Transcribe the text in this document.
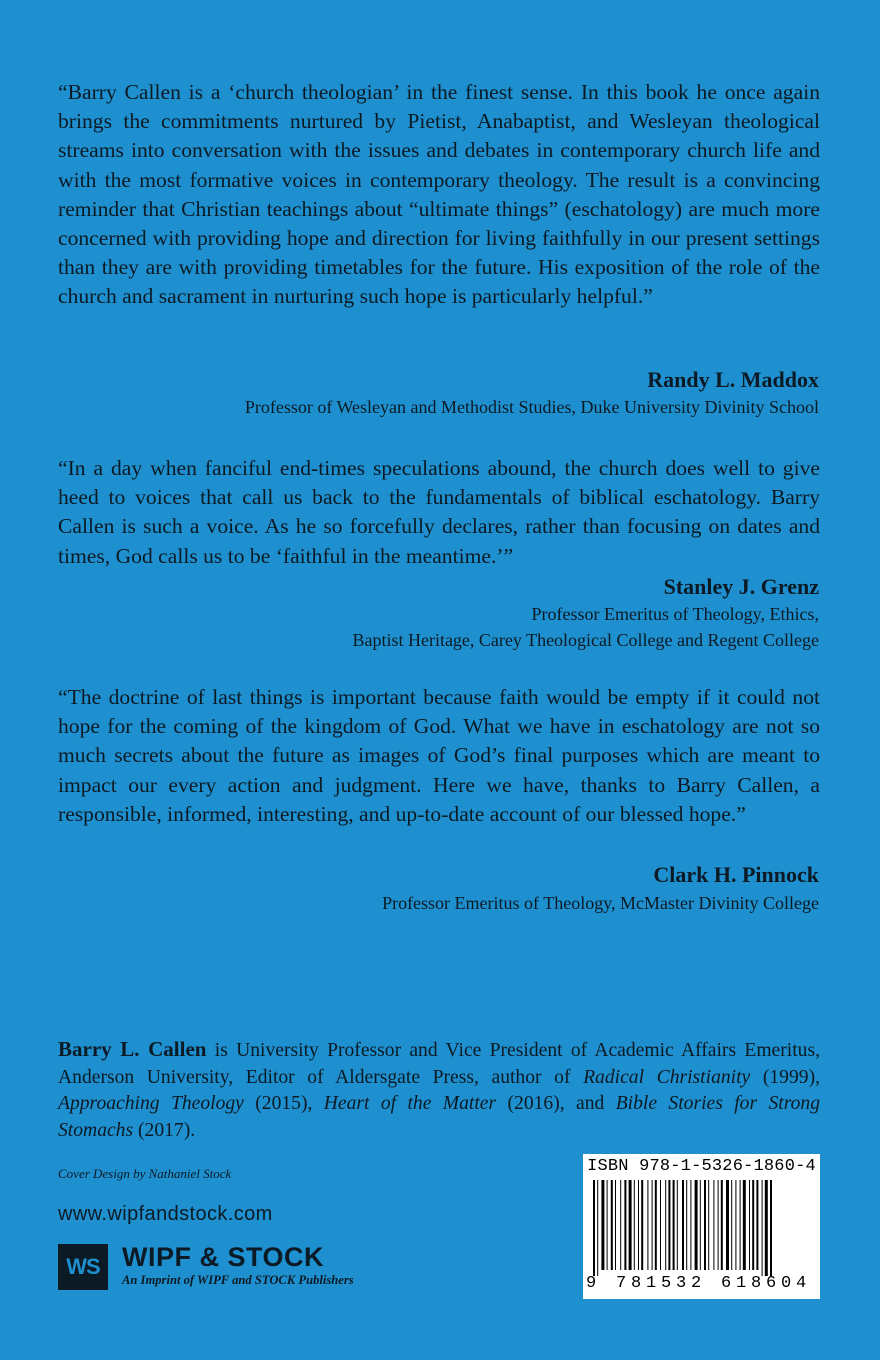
“Barry Callen is a ‘church theologian’ in the finest sense. In this book he once again brings the commitments nurtured by Pietist, Anabaptist, and Wesleyan theological streams into conversation with the issues and debates in contemporary church life and with the most formative voices in contemporary theology. The result is a convincing reminder that Christian teachings about “ultimate things” (eschatology) are much more concerned with providing hope and direction for living faithfully in our present settings than they are with providing timetables for the future. His exposition of the role of the church and sacrament in nurturing such hope is particularly helpful.”

Randy L. Maddox
Professor of Wesleyan and Methodist Studies, Duke University Divinity School

“In a day when fanciful end-times speculations abound, the church does well to give heed to voices that call us back to the fundamentals of biblical eschatology. Barry Callen is such a voice. As he so forcefully declares, rather than focusing on dates and times, God calls us to be ‘faithful in the meantime.’”

Stanley J. Grenz
Professor Emeritus of Theology, Ethics,
Baptist Heritage, Carey Theological College and Regent College

“The doctrine of last things is important because faith would be empty if it could not hope for the coming of the kingdom of God. What we have in eschatology are not so much secrets about the future as images of God’s final purposes which are meant to impact our every action and judgment. Here we have, thanks to Barry Callen, a responsible, informed, interesting, and up-to-date account of our blessed hope.”

Clark H. Pinnock
Professor Emeritus of Theology, McMaster Divinity College

Barry L. Callen is University Professor and Vice President of Academic Affairs Emeritus, Anderson University, Editor of Aldersgate Press, author of Radical Christianity (1999), Approaching Theology (2015), Heart of the Matter (2016), and Bible Stories for Strong Stomachs (2017).

Cover Design by Nathaniel Stock
www.wipfandstock.com
WS WIPF & STOCK
An Imprint of WIPF and STOCK Publishers
ISBN 978-1-5326-1860-4
9 781532 618604
